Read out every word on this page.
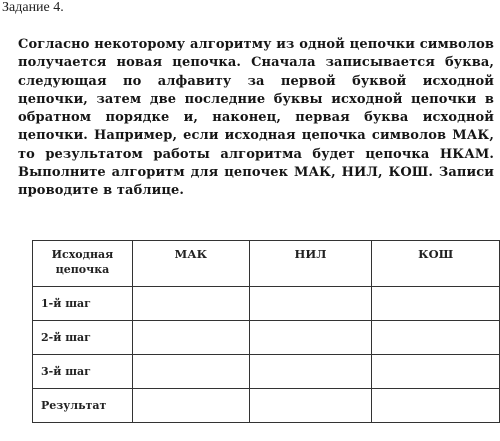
Задание 4.

Согласно некоторому алгоритму из одной цепочки символов получается новая цепочка. Сначала записывается буква, следующая по алфавиту за первой буквой исходной цепочки, затем две последние буквы исходной цепочки в обратном порядке и, наконец, первая буква исходной цепочки. Например, если исходная цепочка символов МАК, то результатом работы алгоритма будет цепочка НКАМ. Выполните алгоритм для цепочек МАК, НИЛ, КОШ. Записи проводите в таблице.

Исходная
цепочка	МАК	НИЛ	КОШ
1-й шаг			
2-й шаг			
3-й шаг			
Результат			
